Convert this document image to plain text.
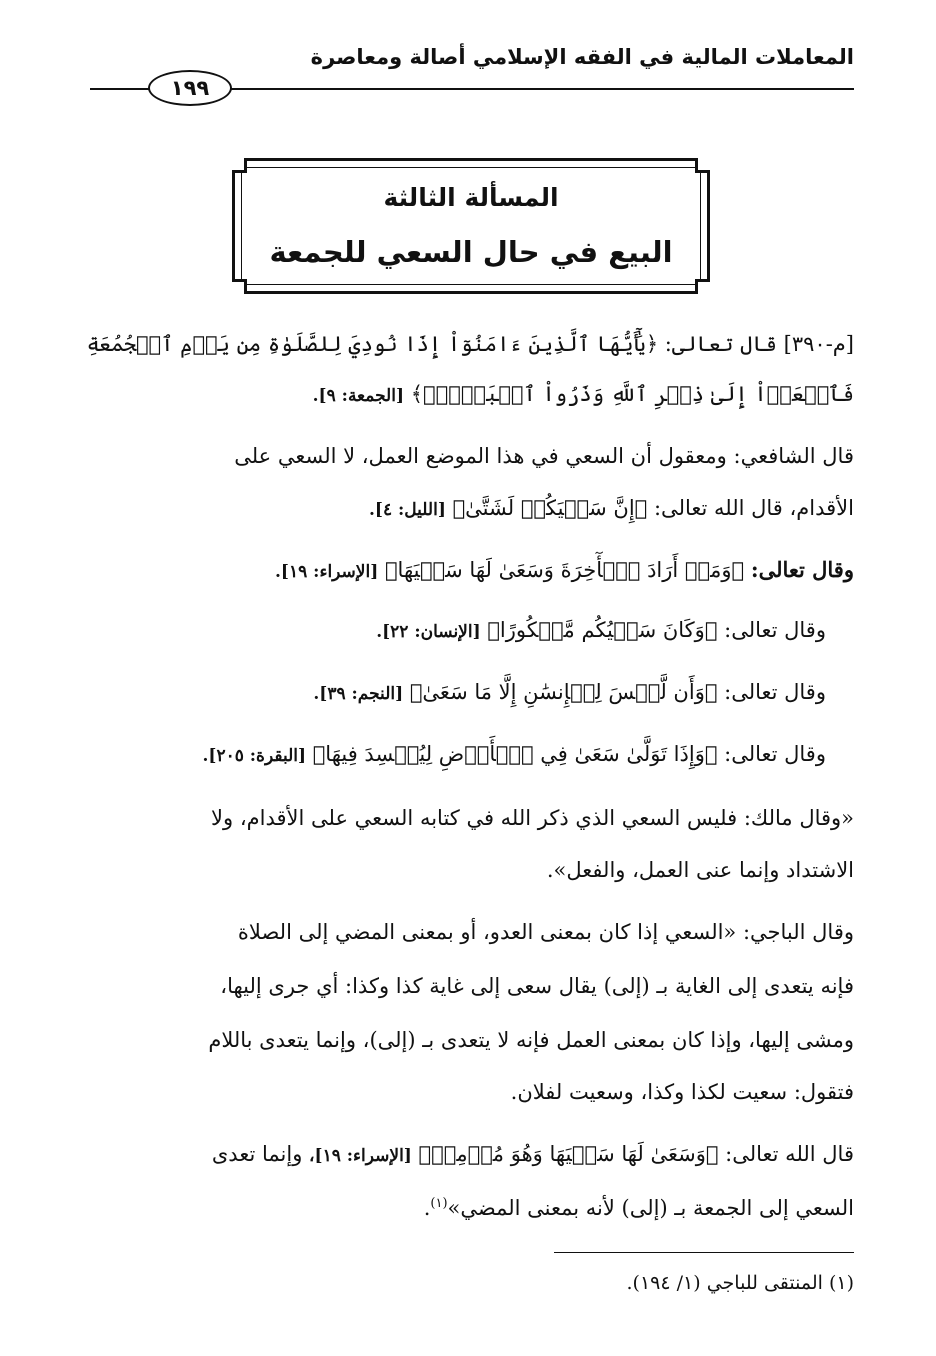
المعاملات المالية في الفقه الإسلامي أصالة ومعاصرة
١٩٩
المسألة الثالثة
البيع في حال السعي للجمعة
[م-٣٩٠] قال تعالى: ﴿يَٰٓأَيُّهَا ٱلَّذِينَ ءَامَنُوٓاْ إِذَا نُودِيَ لِلصَّلَوٰةِ مِن يَوۡمِ ٱلۡجُمُعَةِ
فَٱسۡعَوۡاْ إِلَىٰ ذِكۡرِ ٱللَّهِ وَذَرُواْ ٱلۡبَيۡعَۚ﴾ [الجمعة: ٩].
قال الشافعي: ومعقول أن السعي في هذا الموضع العمل، لا السعي على
الأقدام، قال الله تعالى: ﴿إِنَّ سَعۡيَكُمۡ لَشَتَّىٰ﴾ [الليل: ٤].
وقال تعالى: ﴿وَمَنۡ أَرَادَ ٱلۡأٓخِرَةَ وَسَعَىٰ لَهَا سَعۡيَهَا﴾ [الإسراء: ١٩].
وقال تعالى: ﴿وَكَانَ سَعۡيُكُم مَّشۡكُورًا﴾ [الإنسان: ٢٢].
وقال تعالى: ﴿وَأَن لَّيۡسَ لِلۡإِنسَٰنِ إِلَّا مَا سَعَىٰ﴾ [النجم: ٣٩].
وقال تعالى: ﴿وَإِذَا تَوَلَّىٰ سَعَىٰ فِي ٱلۡأَرۡضِ لِيُفۡسِدَ فِيهَا﴾ [البقرة: ٢٠٥].
«وقال مالك: فليس السعي الذي ذكر الله في كتابه السعي على الأقدام، ولا
الاشتداد وإنما عنى العمل، والفعل».
وقال الباجي: «السعي إذا كان بمعنى العدو، أو بمعنى المضي إلى الصلاة
فإنه يتعدى إلى الغاية بـ (إلى) يقال سعى إلى غاية كذا وكذا: أي جرى إليها،
ومشى إليها، وإذا كان بمعنى العمل فإنه لا يتعدى بـ (إلى)، وإنما يتعدى باللام
فتقول: سعيت لكذا وكذا، وسعيت لفلان.
قال الله تعالى: ﴿وَسَعَىٰ لَهَا سَعۡيَهَا وَهُوَ مُؤۡمِنٞ﴾ [الإسراء: ١٩]، وإنما تعدى
السعي إلى الجمعة بـ (إلى) لأنه بمعنى المضي»$^{(١)}$.
(١) المنتقى للباجي (١/ ١٩٤).
